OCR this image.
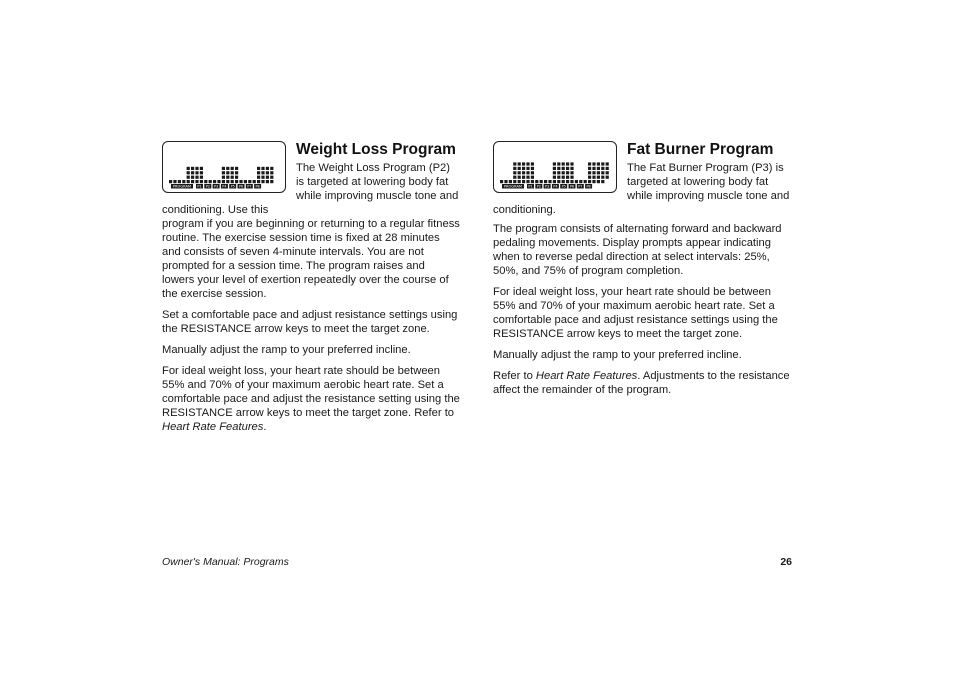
PROGRAM P1 P2 P3 P4 P5 P6 P7 P8
Weight Loss Program

The Weight Loss Program (P2) is targeted at lowering body fat while improving muscle tone and conditioning. Use this

program if you are beginning or returning to a regular fitness routine. The exercise session time is fixed at 28 minutes and consists of seven 4-minute intervals. You are not prompted for a session time. The program raises and lowers your level of exertion repeatedly over the course of the exercise session.

Set a comfortable pace and adjust resistance settings using the RESISTANCE arrow keys to meet the target zone.

Manually adjust the ramp to your preferred incline.

For ideal weight loss, your heart rate should be between 55% and 70% of your maximum aerobic heart rate. Set a comfortable pace and adjust the resistance setting using the RESISTANCE arrow keys to meet the target zone. Refer to Heart Rate Features.

PROGRAM P1 P2 P3 P4 P5 P6 P7 P8
Fat Burner Program

The Fat Burner Program (P3) is targeted at lowering body fat while improving muscle tone and conditioning.

The program consists of alternating forward and backward pedaling movements. Display prompts appear indicating when to reverse pedal direction at select intervals: 25%, 50%, and 75% of program completion.

For ideal weight loss, your heart rate should be between 55% and 70% of your maximum aerobic heart rate. Set a comfortable pace and adjust resistance settings using the RESISTANCE arrow keys to meet the target zone.

Manually adjust the ramp to your preferred incline.

Refer to Heart Rate Features. Adjustments to the resistance affect the remainder of the program.

Owner's Manual: Programs	26
